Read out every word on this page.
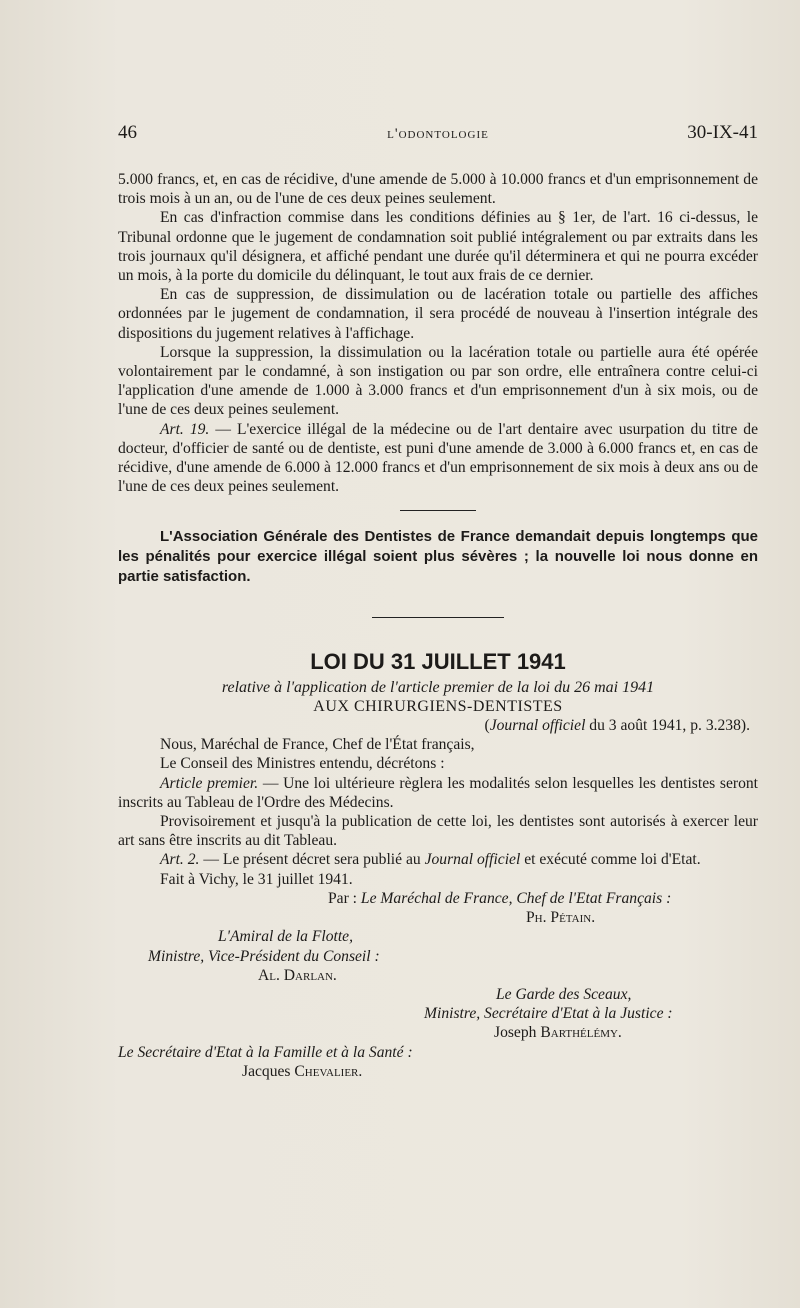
46	l'odontologie	30-IX-41

5.000 francs, et, en cas de récidive, d'une amende de 5.000 à 10.000 francs et d'un emprisonnement de trois mois à un an, ou de l'une de ces deux peines seulement.

En cas d'infraction commise dans les conditions définies au § 1er, de l'art. 16 ci-dessus, le Tribunal ordonne que le jugement de condamnation soit publié intégralement ou par extraits dans les trois journaux qu'il désignera, et affiché pendant une durée qu'il déterminera et qui ne pourra excéder un mois, à la porte du domicile du délinquant, le tout aux frais de ce dernier.

En cas de suppression, de dissimulation ou de lacération totale ou partielle des affiches ordonnées par le jugement de condamnation, il sera procédé de nouveau à l'insertion intégrale des dispositions du jugement relatives à l'affichage.

Lorsque la suppression, la dissimulation ou la lacération totale ou partielle aura été opérée volontairement par le condamné, à son instigation ou par son ordre, elle entraînera contre celui-ci l'application d'une amende de 1.000 à 3.000 francs et d'un emprisonnement d'un à six mois, ou de l'une de ces deux peines seulement.

Art. 19. — L'exercice illégal de la médecine ou de l'art dentaire avec usurpation du titre de docteur, d'officier de santé ou de dentiste, est puni d'une amende de 3.000 à 6.000 francs et, en cas de récidive, d'une amende de 6.000 à 12.000 francs et d'un emprisonnement de six mois à deux ans ou de l'une de ces deux peines seulement.

L'Association Générale des Dentistes de France demandait depuis longtemps que les pénalités pour exercice illégal soient plus sévères ; la nouvelle loi nous donne en partie satisfaction.

LOI DU 31 JUILLET 1941
relative à l'application de l'article premier de la loi du 26 mai 1941
AUX CHIRURGIENS-DENTISTES

(Journal officiel du 3 août 1941, p. 3.238).

Nous, Maréchal de France, Chef de l'État français,

Le Conseil des Ministres entendu, décrétons :

Article premier. — Une loi ultérieure règlera les modalités selon lesquelles les dentistes seront inscrits au Tableau de l'Ordre des Médecins.

Provisoirement et jusqu'à la publication de cette loi, les dentistes sont autorisés à exercer leur art sans être inscrits au dit Tableau.

Art. 2. — Le présent décret sera publié au Journal officiel et exécuté comme loi d'Etat.

Fait à Vichy, le 31 juillet 1941.

Par : Le Maréchal de France, Chef de l'Etat Français :

Ph. Pétain.

L'Amiral de la Flotte,

Ministre, Vice-Président du Conseil :

Al. Darlan.

Le Garde des Sceaux,

Ministre, Secrétaire d'Etat à la Justice :

Joseph Barthélémy.

Le Secrétaire d'Etat à la Famille et à la Santé :

Jacques Chevalier.
